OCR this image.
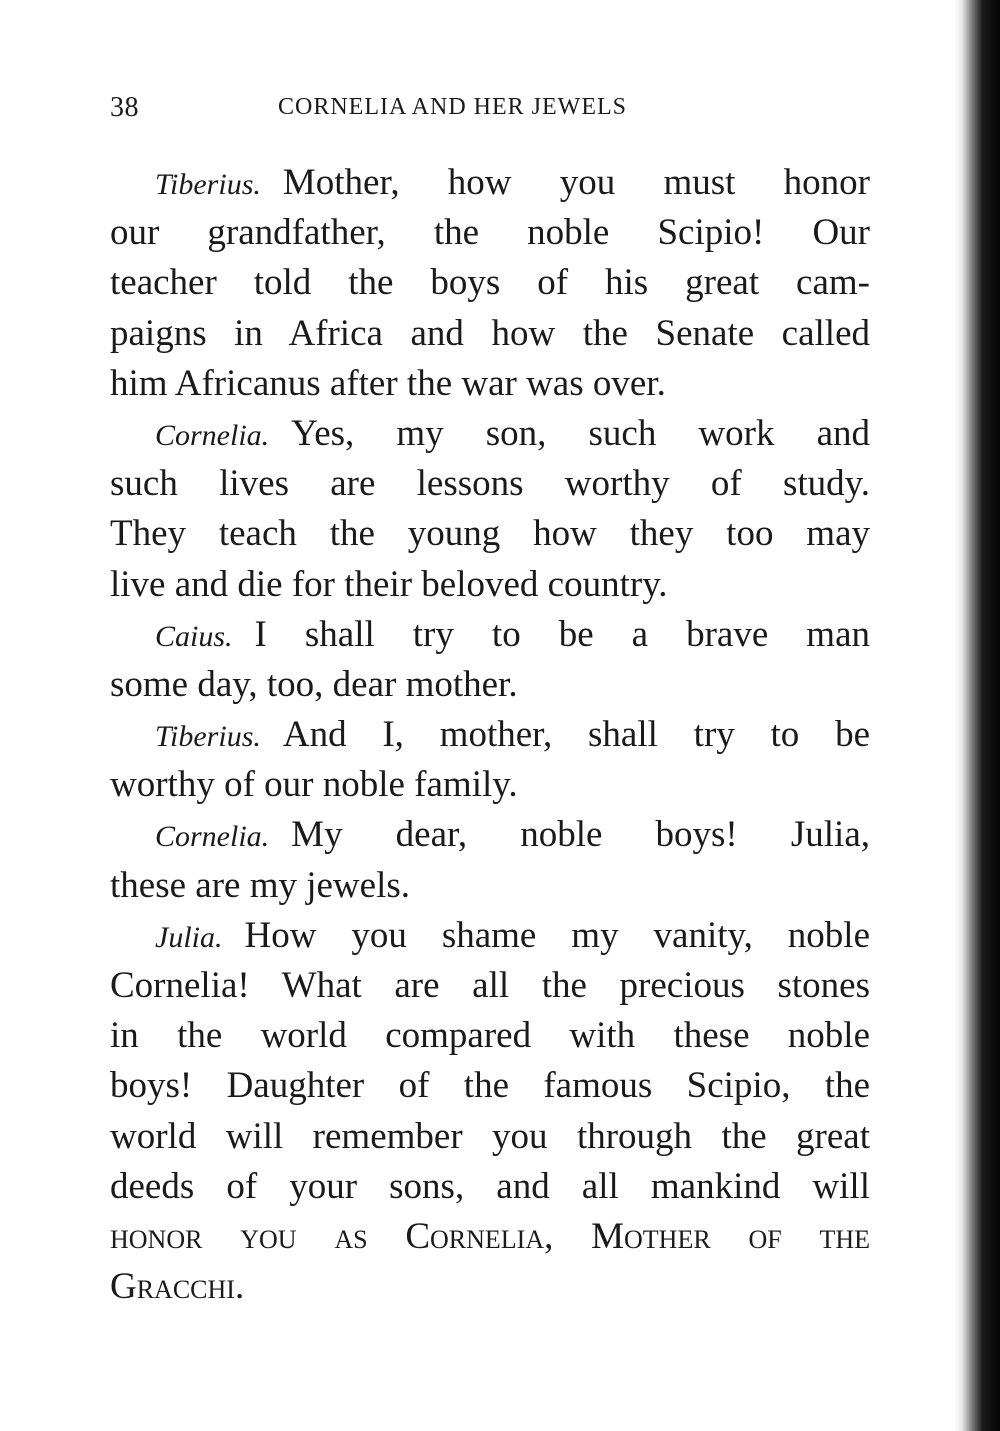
38	CORNELIA AND HER JEWELS
Tiberius. Mother, how you must honor
our grandfather, the noble Scipio! Our
teacher told the boys of his great cam-
paigns in Africa and how the Senate called
him Africanus after the war was over.
Cornelia. Yes, my son, such work and
such lives are lessons worthy of study.
They teach the young how they too may
live and die for their beloved country.
Caius. I shall try to be a brave man
some day, too, dear mother.
Tiberius. And I, mother, shall try to be
worthy of our noble family.
Cornelia. My dear, noble boys! Julia,
these are my jewels.
Julia. How you shame my vanity, noble
Cornelia! What are all the precious stones
in the world compared with these noble
boys! Daughter of the famous Scipio, the
world will remember you through the great
deeds of your sons, and all mankind will
honor you as Cornelia, Mother of the
Gracchi.
